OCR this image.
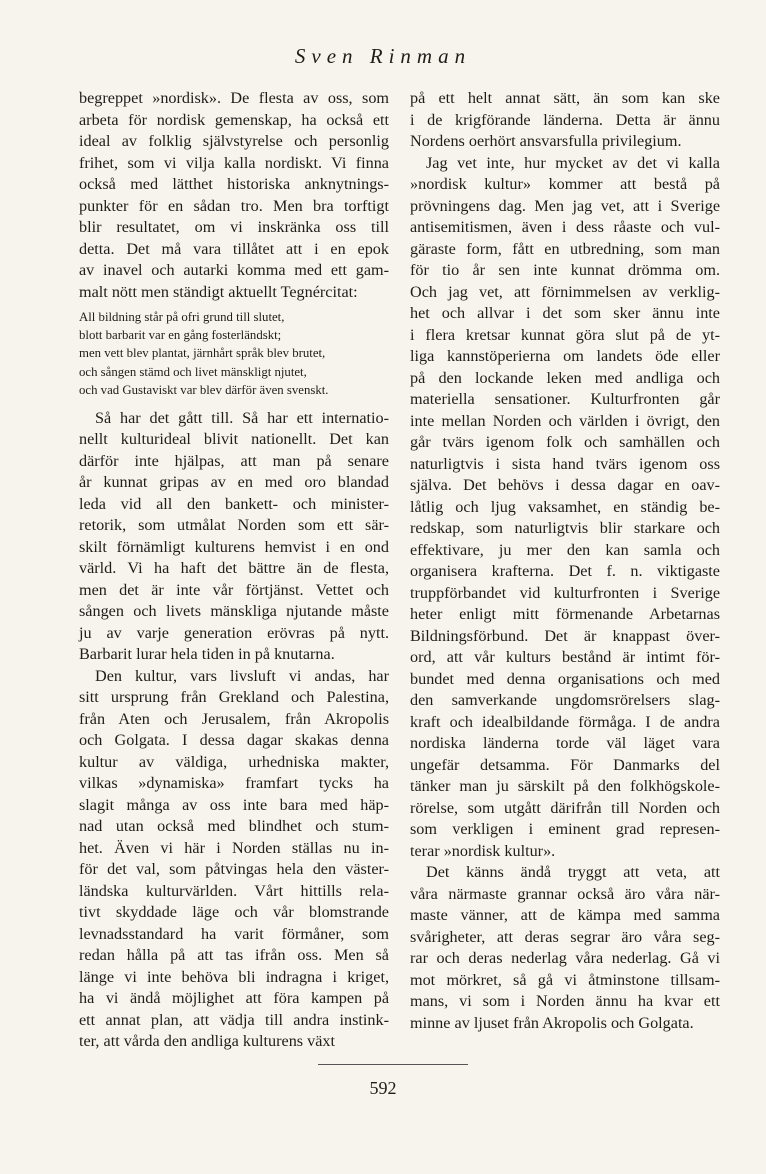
Sven Rinman
begreppet »nordisk». De flesta av oss, som
arbeta för nordisk gemenskap, ha också ett
ideal av folklig självstyrelse och personlig
frihet, som vi vilja kalla nordiskt. Vi finna
också med lätthet historiska anknytnings-
punkter för en sådan tro. Men bra torftigt
blir resultatet, om vi inskränka oss till
detta. Det må vara tillåtet att i en epok
av inavel och autarki komma med ett gam-
malt nött men ständigt aktuellt Tegnércitat:
All bildning står på ofri grund till slutet,
blott barbarit var en gång fosterländskt;
men vett blev plantat, järnhårt språk blev brutet,
och sången stämd och livet mänskligt njutet,
och vad Gustaviskt var blev därför även svenskt.
Så har det gått till. Så har ett internatio-
nellt kulturideal blivit nationellt. Det kan
därför inte hjälpas, att man på senare
år kunnat gripas av en med oro blandad
leda vid all den bankett- och minister-
retorik, som utmålat Norden som ett sär-
skilt förnämligt kulturens hemvist i en ond
värld. Vi ha haft det bättre än de flesta,
men det är inte vår förtjänst. Vettet och
sången och livets mänskliga njutande måste
ju av varje generation erövras på nytt.
Barbarit lurar hela tiden in på knutarna.
Den kultur, vars livsluft vi andas, har
sitt ursprung från Grekland och Palestina,
från Aten och Jerusalem, från Akropolis
och Golgata. I dessa dagar skakas denna
kultur av väldiga, urhedniska makter,
vilkas »dynamiska» framfart tycks ha
slagit många av oss inte bara med häp-
nad utan också med blindhet och stum-
het. Även vi här i Norden ställas nu in-
för det val, som påtvingas hela den väster-
ländska kulturvärlden. Vårt hittills rela-
tivt skyddade läge och vår blomstrande
levnadsstandard ha varit förmåner, som
redan hålla på att tas ifrån oss. Men så
länge vi inte behöva bli indragna i kriget,
ha vi ändå möjlighet att föra kampen på
ett annat plan, att vädja till andra instink-
ter, att vårda den andliga kulturens växt
på ett helt annat sätt, än som kan ske
i de krigförande länderna. Detta är ännu
Nordens oerhört ansvarsfulla privilegium.
Jag vet inte, hur mycket av det vi kalla
»nordisk kultur» kommer att bestå på
prövningens dag. Men jag vet, att i Sverige
antisemitismen, även i dess råaste och vul-
gäraste form, fått en utbredning, som man
för tio år sen inte kunnat drömma om.
Och jag vet, att förnimmelsen av verklig-
het och allvar i det som sker ännu inte
i flera kretsar kunnat göra slut på de yt-
liga kannstöperierna om landets öde eller
på den lockande leken med andliga och
materiella sensationer. Kulturfronten går
inte mellan Norden och världen i övrigt, den
går tvärs igenom folk och samhällen och
naturligtvis i sista hand tvärs igenom oss
själva. Det behövs i dessa dagar en oav-
låtlig och ljug vaksamhet, en ständig be-
redskap, som naturligtvis blir starkare och
effektivare, ju mer den kan samla och
organisera krafterna. Det f. n. viktigaste
truppförbandet vid kulturfronten i Sverige
heter enligt mitt förmenande Arbetarnas
Bildningsförbund. Det är knappast över-
ord, att vår kulturs bestånd är intimt för-
bundet med denna organisations och med
den samverkande ungdomsrörelsers slag-
kraft och idealbildande förmåga. I de andra
nordiska länderna torde väl läget vara
ungefär detsamma. För Danmarks del
tänker man ju särskilt på den folkhögskole-
rörelse, som utgått därifrån till Norden och
som verkligen i eminent grad represen-
terar »nordisk kultur».
Det känns ändå tryggt att veta, att
våra närmaste grannar också äro våra när-
maste vänner, att de kämpa med samma
svårigheter, att deras segrar äro våra seg-
rar och deras nederlag våra nederlag. Gå vi
mot mörkret, så gå vi åtminstone tillsam-
mans, vi som i Norden ännu ha kvar ett
minne av ljuset från Akropolis och Golgata.
592
